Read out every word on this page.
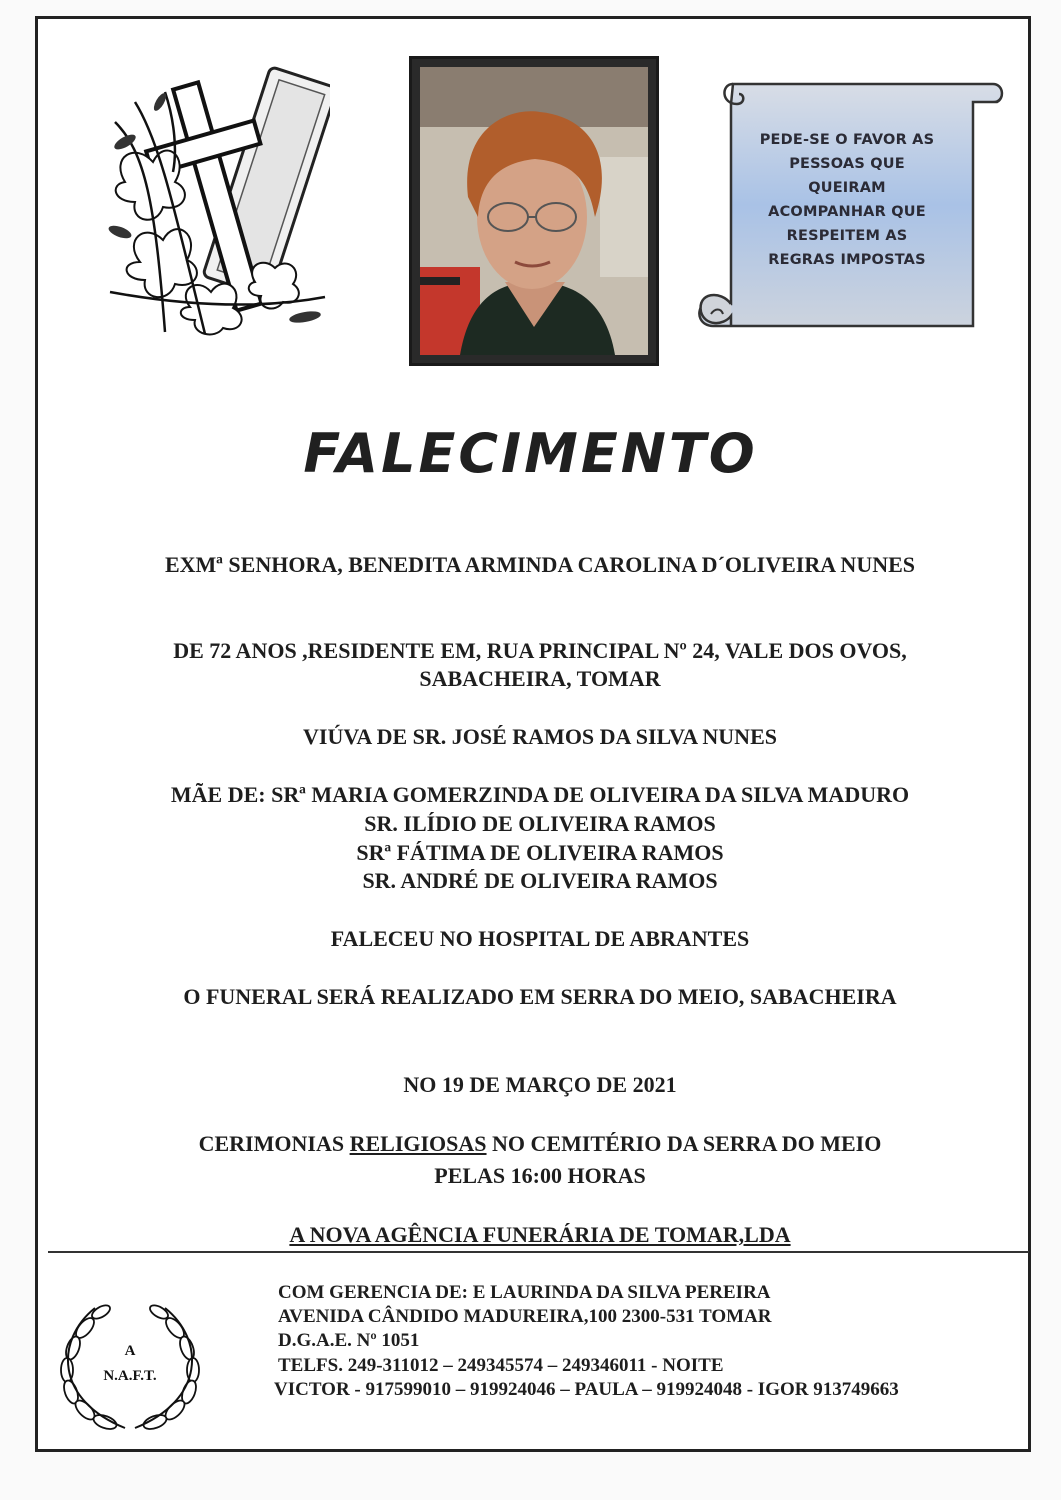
PEDE-SE O FAVOR AS
PESSOAS QUE
QUEIRAM
ACOMPANHAR QUE
RESPEITEM AS
REGRAS IMPOSTAS
FALECIMENTO
EXMª SENHORA, BENEDITA ARMINDA CAROLINA D´OLIVEIRA NUNES
DE 72 ANOS ,RESIDENTE EM, RUA PRINCIPAL Nº 24, VALE DOS OVOS,
SABACHEIRA, TOMAR
VIÚVA DE SR. JOSÉ RAMOS DA SILVA NUNES
MÃE DE: SRª MARIA GOMERZINDA DE OLIVEIRA DA SILVA MADURO
SR. ILÍDIO DE OLIVEIRA RAMOS
SRª FÁTIMA DE OLIVEIRA RAMOS
SR. ANDRÉ DE OLIVEIRA RAMOS
FALECEU NO HOSPITAL DE ABRANTES
O FUNERAL SERÁ REALIZADO EM SERRA DO MEIO, SABACHEIRA
NO 19 DE MARÇO DE 2021
CERIMONIAS RELIGIOSAS NO CEMITÉRIO DA SERRA DO MEIO
PELAS 16:00 HORAS
A NOVA AGÊNCIA FUNERÁRIA DE TOMAR,LDA
A
N.A.F.T.
COM GERENCIA DE: E LAURINDA DA SILVA PEREIRA
AVENIDA CÂNDIDO MADUREIRA,100 2300-531 TOMAR
D.G.A.E. Nº 1051
TELFS. 249-311012 – 249345574 – 249346011 - NOITE
VICTOR - 917599010 – 919924046 – PAULA – 919924048 - IGOR 913749663
